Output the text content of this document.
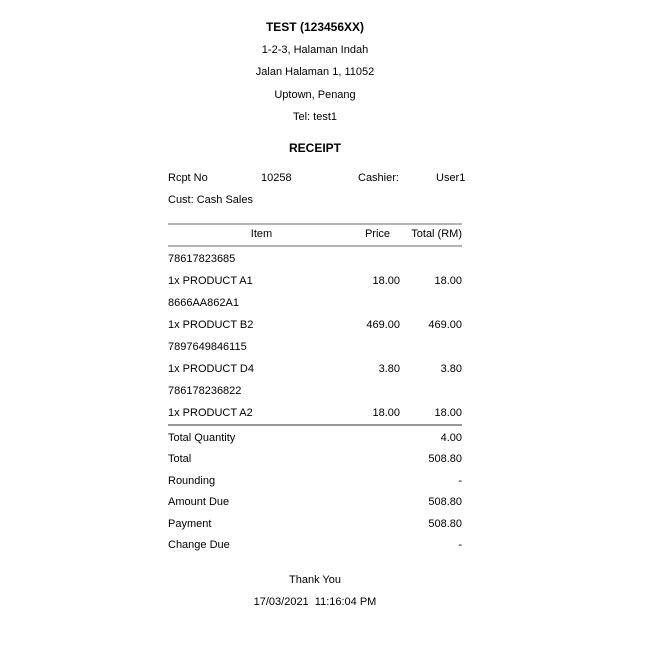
TEST (123456XX)
1-2-3, Halaman Indah
Jalan Halaman 1, 11052
Uptown, Penang
Tel: test1
RECEIPT
Rcpt No	10258	Cashier:	User1
Cust: Cash Sales
Item	Price	Total (RM)
78617823685
1x PRODUCT A1	18.00	18.00
8666AA862A1
1x PRODUCT B2	469.00	469.00
7897649846115
1x PRODUCT D4	3.80	3.80
786178236822
1x PRODUCT A2	18.00	18.00
Total Quantity	4.00
Total	508.80
Rounding	-
Amount Due	508.80
Payment	508.80
Change Due	-
Thank You
17/03/2021  11:16:04 PM
